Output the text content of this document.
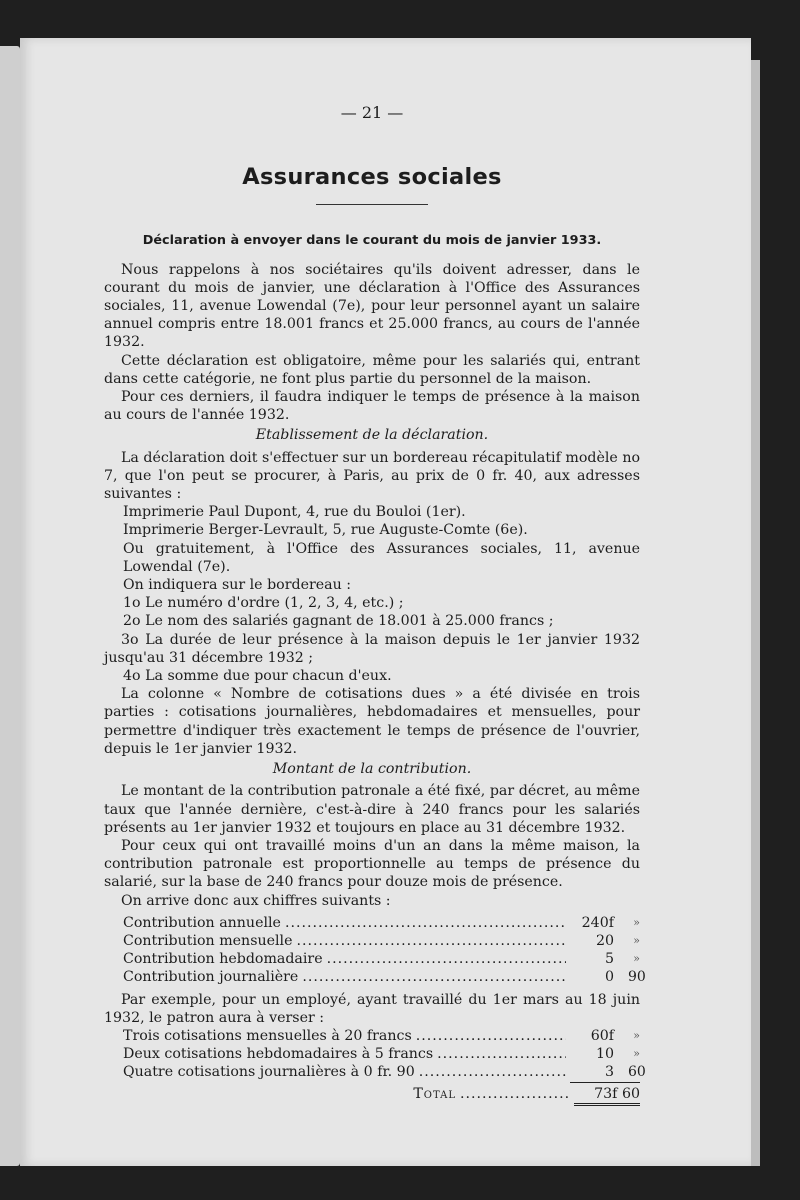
— 21 —
Assurances sociales
Déclaration à envoyer dans le courant du mois de janvier 1933.

Nous rappelons à nos sociétaires qu'ils doivent adresser, dans le courant du mois de janvier, une déclaration à l'Office des Assurances sociales, 11, avenue Lowendal (7e), pour leur personnel ayant un salaire annuel compris entre 18.001 francs et 25.000 francs, au cours de l'année 1932.

Cette déclaration est obligatoire, même pour les salariés qui, entrant dans cette catégorie, ne font plus partie du personnel de la maison.

Pour ces derniers, il faudra indiquer le temps de présence à la maison au cours de l'année 1932.

Etablissement de la déclaration.

La déclaration doit s'effectuer sur un bordereau récapitulatif modèle no 7, que l'on peut se procurer, à Paris, au prix de 0 fr. 40, aux adresses suivantes :

Imprimerie Paul Dupont, 4, rue du Bouloi (1er).

Imprimerie Berger-Levrault, 5, rue Auguste-Comte (6e).

Ou gratuitement, à l'Office des Assurances sociales, 11, avenue Lowendal (7e).

On indiquera sur le bordereau :

1o Le numéro d'ordre (1, 2, 3, 4, etc.) ;

2o Le nom des salariés gagnant de 18.001 à 25.000 francs ;

3o La durée de leur présence à la maison depuis le 1er janvier 1932 jusqu'au 31 décembre 1932 ;

4o La somme due pour chacun d'eux.

La colonne « Nombre de cotisations dues » a été divisée en trois parties : cotisations journalières, hebdomadaires et mensuelles, pour permettre d'indiquer très exactement le temps de présence de l'ouvrier, depuis le 1er janvier 1932.

Montant de la contribution.

Le montant de la contribution patronale a été fixé, par décret, au même taux que l'année dernière, c'est-à-dire à 240 francs pour les salariés présents au 1er janvier 1932 et toujours en place au 31 décembre 1932.

Pour ceux qui ont travaillé moins d'un an dans la même maison, la contribution patronale est proportionnelle au temps de présence du salarié, sur la base de 240 francs pour douze mois de présence.

On arrive donc aux chiffres suivants :

Contribution annuelle .....	240f	»
Contribution mensuelle .....	20	»
Contribution hebdomadaire .....	5	»
Contribution journalière .....	0 90

Par exemple, pour un employé, ayant travaillé du 1er mars au 18 juin 1932, le patron aura à verser :

Trois cotisations mensuelles à 20 francs .....	60f	»
Deux cotisations hebdomadaires à 5 francs .....	10	»
Quatre cotisations journalières à 0 fr. 90 .....	3 60
Total .....	73f 60
